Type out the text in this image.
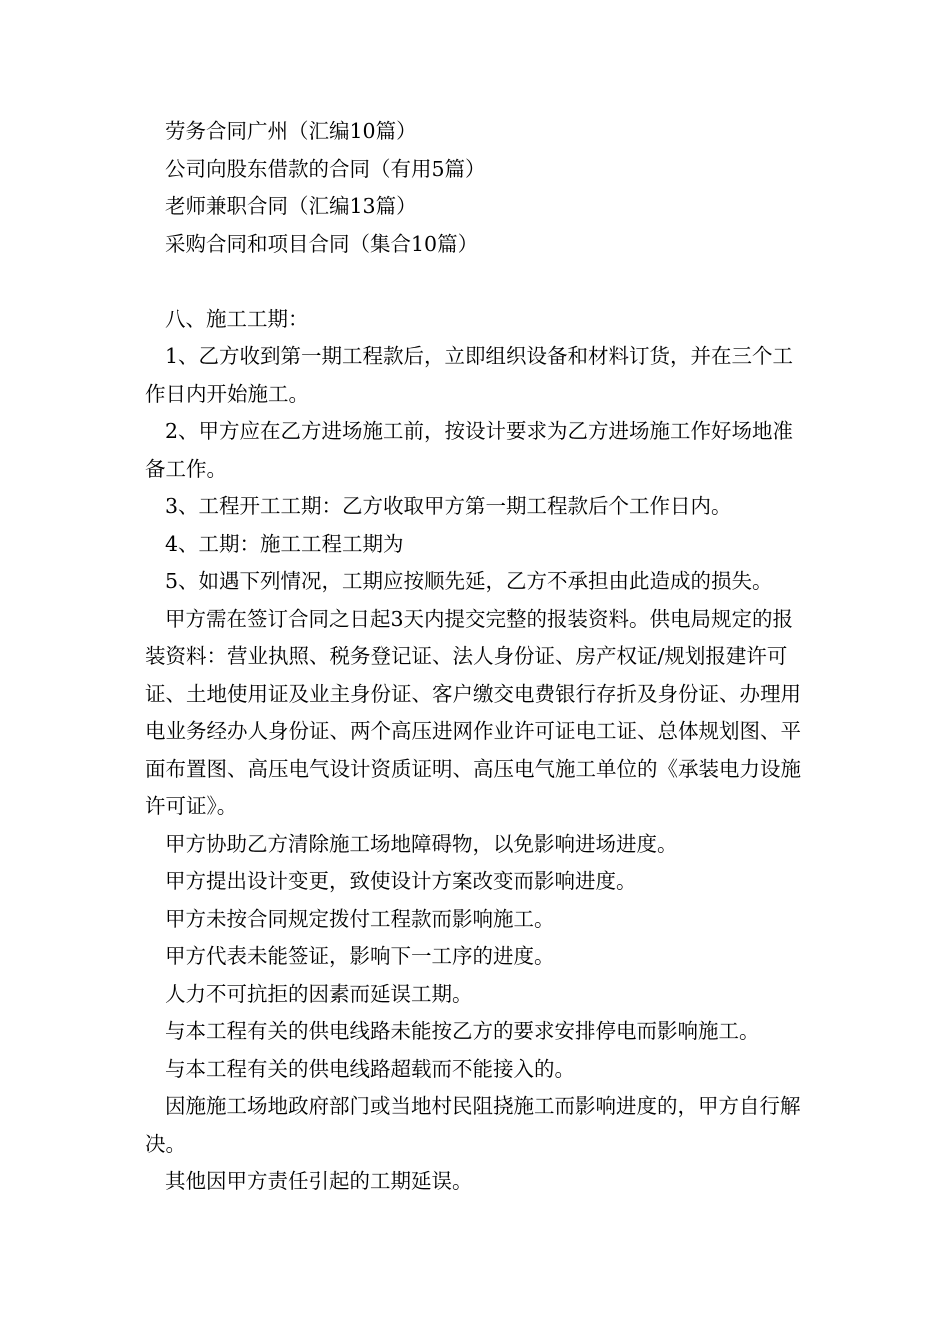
劳务合同广州（汇编10篇）

公司向股东借款的合同（有用5篇）

老师兼职合同（汇编13篇）

采购合同和项目合同（集合10篇）

八、施工工期：

1、乙方收到第一期工程款后，立即组织设备和材料订货，并在三个工作日内开始施工。

2、甲方应在乙方进场施工前，按设计要求为乙方进场施工作好场地准备工作。

3、工程开工工期：乙方收取甲方第一期工程款后个工作日内。

4、工期：施工工程工期为

5、如遇下列情况，工期应按顺先延，乙方不承担由此造成的损失。

甲方需在签订合同之日起3天内提交完整的报装资料。供电局规定的报装资料：营业执照、税务登记证、法人身份证、房产权证/规划报建许可证、土地使用证及业主身份证、客户缴交电费银行存折及身份证、办理用电业务经办人身份证、两个高压进网作业许可证电工证、总体规划图、平面布置图、高压电气设计资质证明、高压电气施工单位的《承装电力设施许可证》。

甲方协助乙方清除施工场地障碍物，以免影响进场进度。

甲方提出设计变更，致使设计方案改变而影响进度。

甲方未按合同规定拨付工程款而影响施工。

甲方代表未能签证，影响下一工序的进度。

人力不可抗拒的因素而延误工期。

与本工程有关的供电线路未能按乙方的要求安排停电而影响施工。

与本工程有关的供电线路超载而不能接入的。

因施施工场地政府部门或当地村民阻挠施工而影响进度的，甲方自行解决。

其他因甲方责任引起的工期延误。
